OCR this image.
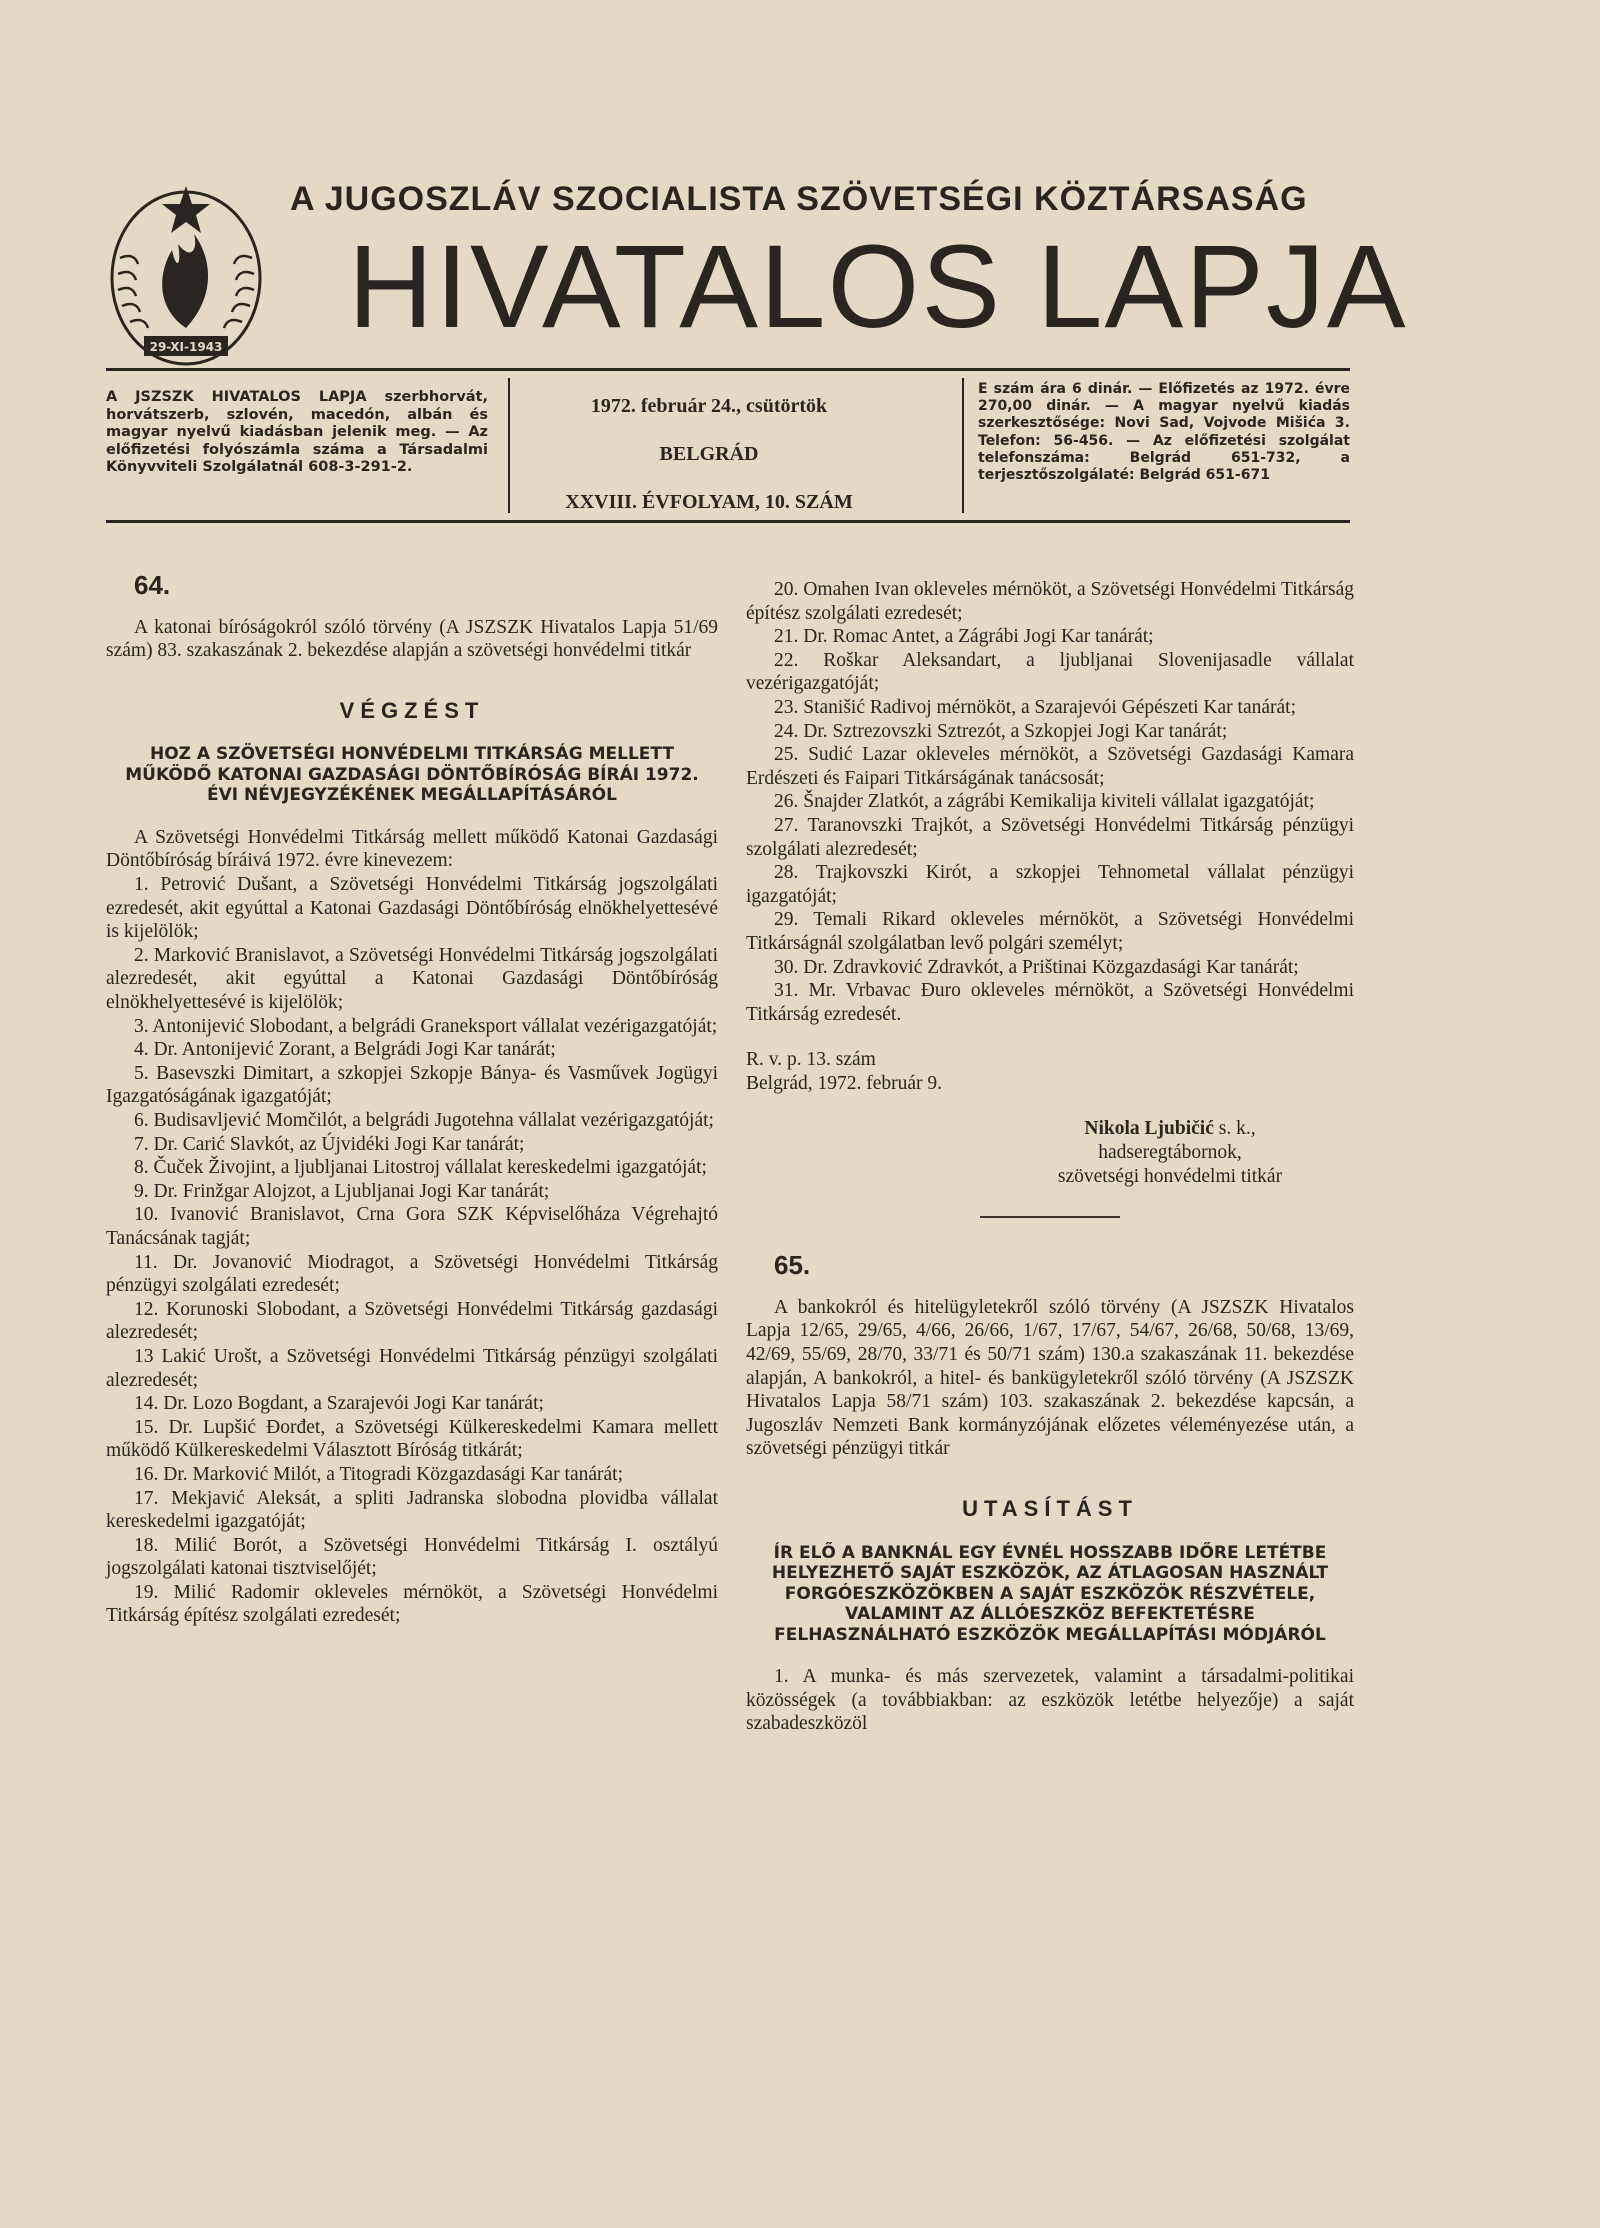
29-XI-1943
A JUGOSZLÁV SZOCIALISTA SZÖVETSÉGI KÖZTÁRSASÁG
HIVATALOS LAPJA
A JSZSZK HIVATALOS LAPJA szerbhorvát, horvátszerb, szlovén, macedón, albán és magyar nyelvű kiadásban jelenik meg. — Az előfizetési folyószámla száma a Társadalmi Könyvviteli Szolgálatnál 608-3-291-2.
1972. február 24., csütörtök
BELGRÁD
XXVIII. ÉVFOLYAM, 10. SZÁM
E szám ára 6 dinár. — Előfizetés az 1972. évre 270,00 dinár. — A magyar nyelvű kiadás szerkesztősége: Novi Sad, Vojvode Mišića 3. Telefon: 56-456. — Az előfizetési szolgálat telefonszáma: Belgrád 651-732, a terjesztőszolgálaté: Belgrád 651-671
64.

A katonai bíróságokról szóló törvény (A JSZSZK Hivatalos Lapja 51/69 szám) 83. szakaszának 2. bekezdése alapján a szövetségi honvédelmi titkár

VÉGZÉST
HOZ A SZÖVETSÉGI HONVÉDELMI TITKÁRSÁG MELLETT MŰKÖDŐ KATONAI GAZDASÁGI DÖNTŐBÍRÓSÁG BÍRÁI 1972. ÉVI NÉVJEGYZÉKÉNEK MEGÁLLAPÍTÁSÁRÓL

A Szövetségi Honvédelmi Titkárság mellett működő Katonai Gazdasági Döntőbíróság bíráivá 1972. évre kinevezem:

1. Petrović Dušant, a Szövetségi Honvédelmi Titkárság jogszolgálati ezredesét, akit egyúttal a Katonai Gazdasági Döntőbíróság elnökhelyettesévé is kijelölök;

2. Marković Branislavot, a Szövetségi Honvédelmi Titkárság jogszolgálati alezredesét, akit egyúttal a Katonai Gazdasági Döntőbíróság elnökhelyettesévé is kijelölök;

3. Antonijević Slobodant, a belgrádi Graneksport vállalat vezérigazgatóját;

4. Dr. Antonijević Zorant, a Belgrádi Jogi Kar tanárát;

5. Basevszki Dimitart, a szkopjei Szkopje Bánya- és Vasművek Jogügyi Igazgatóságának igazgatóját;

6. Budisavljević Momčilót, a belgrádi Jugotehna vállalat vezérigazgatóját;

7. Dr. Carić Slavkót, az Újvidéki Jogi Kar tanárát;

8. Čuček Živojint, a ljubljanai Litostroj vállalat kereskedelmi igazgatóját;

9. Dr. Frinžgar Alojzot, a Ljubljanai Jogi Kar tanárát;

10. Ivanović Branislavot, Crna Gora SZK Képviselőháza Végrehajtó Tanácsának tagját;

11. Dr. Jovanović Miodragot, a Szövetségi Honvédelmi Titkárság pénzügyi szolgálati ezredesét;

12. Korunoski Slobodant, a Szövetségi Honvédelmi Titkárság gazdasági alezredesét;

13 Lakić Urošt, a Szövetségi Honvédelmi Titkárság pénzügyi szolgálati alezredesét;

14. Dr. Lozo Bogdant, a Szarajevói Jogi Kar tanárát;

15. Dr. Lupšić Đorđet, a Szövetségi Külkereskedelmi Kamara mellett működő Külkereskedelmi Választott Bíróság titkárát;

16. Dr. Marković Milót, a Titogradi Közgazdasági Kar tanárát;

17. Mekjavić Aleksát, a spliti Jadranska slobodna plovidba vállalat kereskedelmi igazgatóját;

18. Milić Borót, a Szövetségi Honvédelmi Titkárság I. osztályú jogszolgálati katonai tisztviselőjét;

19. Milić Radomir okleveles mérnököt, a Szövetségi Honvédelmi Titkárság építész szolgálati ezredesét;

20. Omahen Ivan okleveles mérnököt, a Szövetségi Honvédelmi Titkárság építész szolgálati ezredesét;

21. Dr. Romac Antet, a Zágrábi Jogi Kar tanárát;

22. Roškar Aleksandart, a ljubljanai Slovenijasadle vállalat vezérigazgatóját;

23. Stanišić Radivoj mérnököt, a Szarajevói Gépészeti Kar tanárát;

24. Dr. Sztrezovszki Sztrezót, a Szkopjei Jogi Kar tanárát;

25. Sudić Lazar okleveles mérnököt, a Szövetségi Gazdasági Kamara Erdészeti és Faipari Titkárságának tanácsosát;

26. Šnajder Zlatkót, a zágrábi Kemikalija kiviteli vállalat igazgatóját;

27. Taranovszki Trajkót, a Szövetségi Honvédelmi Titkárság pénzügyi szolgálati alezredesét;

28. Trajkovszki Kirót, a szkopjei Tehnometal vállalat pénzügyi igazgatóját;

29. Temali Rikard okleveles mérnököt, a Szövetségi Honvédelmi Titkárságnál szolgálatban levő polgári személyt;

30. Dr. Zdravković Zdravkót, a Prištinai Közgazdasági Kar tanárát;

31. Mr. Vrbavac Đuro okleveles mérnököt, a Szövetségi Honvédelmi Titkárság ezredesét.

R. v. p. 13. szám
Belgrád, 1972. február 9.
Nikola Ljubičić s. k.,
hadseregtábornok,
szövetségi honvédelmi titkár
65.

A bankokról és hitelügyletekről szóló törvény (A JSZSZK Hivatalos Lapja 12/65, 29/65, 4/66, 26/66, 1/67, 17/67, 54/67, 26/68, 50/68, 13/69, 42/69, 55/69, 28/70, 33/71 és 50/71 szám) 130.a szakaszának 11. bekezdése alapján, A bankokról, a hitel- és bankügyletekről szóló törvény (A JSZSZK Hivatalos Lapja 58/71 szám) 103. szakaszának 2. bekezdése kapcsán, a Jugoszláv Nemzeti Bank kormányzójának előzetes véleményezése után, a szövetségi pénzügyi titkár

UTASÍTÁST
ÍR ELŐ A BANKNÁL EGY ÉVNÉL HOSSZABB IDŐRE LETÉTBE HELYEZHETŐ SAJÁT ESZKÖZÖK, AZ ÁTLAGOSAN HASZNÁLT FORGÓESZKÖZÖKBEN A SAJÁT ESZKÖZÖK RÉSZVÉTELE, VALAMINT AZ ÁLLÓESZKÖZ BEFEKTETÉSRE FELHASZNÁLHATÓ ESZKÖZÖK MEGÁLLAPÍTÁSI MÓDJÁRÓL

1. A munka- és más szervezetek, valamint a társadalmi-politikai közösségek (a továbbiakban: az eszközök letétbe helyezője) a saját szabadeszközöl
